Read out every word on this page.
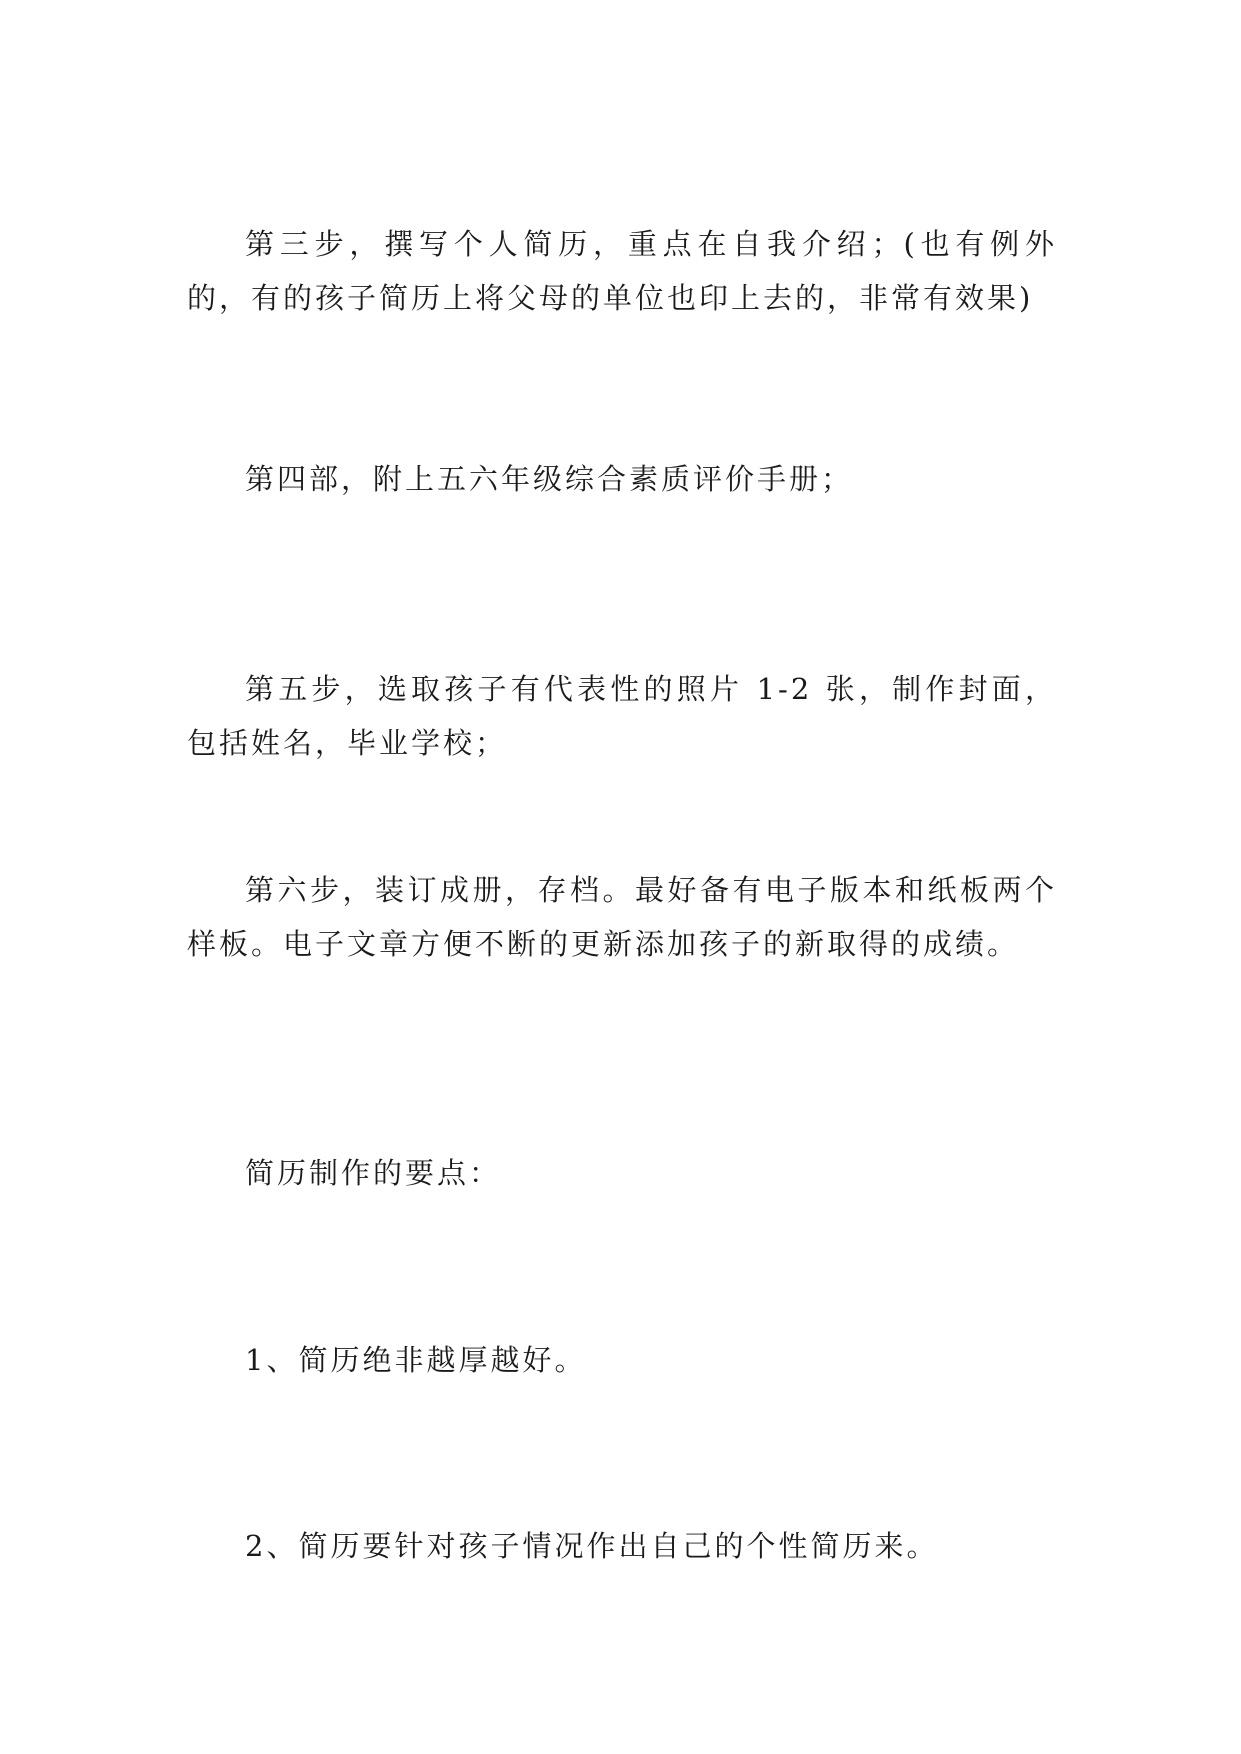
第三步，撰写个人简历，重点在自我介绍；(也有例外的，有的孩子简历上将父母的单位也印上去的，非常有效果)

第四部，附上五六年级综合素质评价手册；

第五步，选取孩子有代表性的照片 1-2 张，制作封面，包括姓名，毕业学校；

第六步，装订成册，存档。最好备有电子版本和纸板两个样板。电子文章方便不断的更新添加孩子的新取得的成绩。

简历制作的要点：

1、简历绝非越厚越好。

2、简历要针对孩子情况作出自己的个性简历来。
